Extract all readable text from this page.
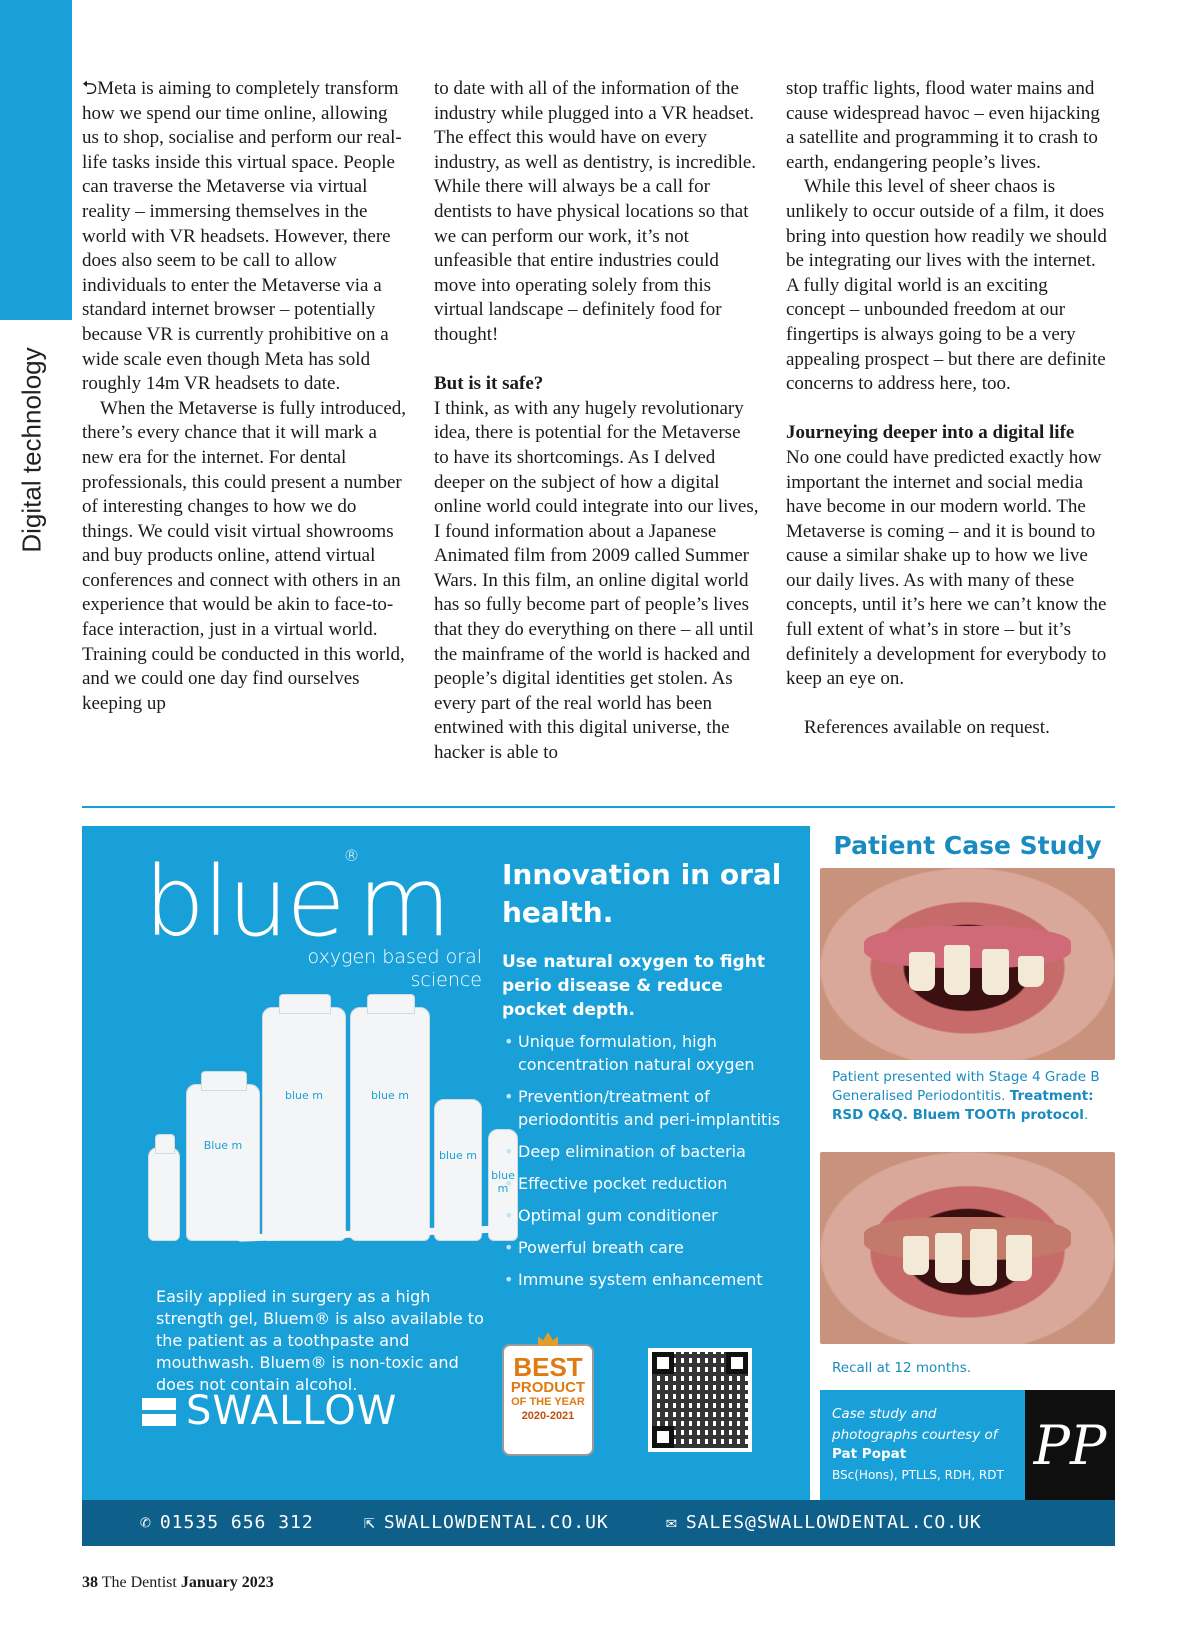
Digital technology

⮌Meta is aiming to completely transform how we spend our time online, allowing us to shop, socialise and perform our real-life tasks inside this virtual space. People can traverse the Metaverse via virtual reality – immersing themselves in the world with VR headsets. However, there does also seem to be call to allow individuals to enter the Metaverse via a standard internet browser – potentially because VR is currently prohibitive on a wide scale even though Meta has sold roughly 14m VR headsets to date.

When the Metaverse is fully introduced, there’s every chance that it will mark a new era for the internet. For dental professionals, this could present a number of interesting changes to how we do things. We could visit virtual showrooms and buy products online, attend virtual conferences and connect with others in an experience that would be akin to face-to-face interaction, just in a virtual world. Training could be conducted in this world, and we could one day find ourselves keeping up

to date with all of the information of the industry while plugged into a VR headset. The effect this would have on every industry, as well as dentistry, is incredible. While there will always be a call for dentists to have physical locations so that we can perform our work, it’s not unfeasible that entire industries could move into operating solely from this virtual landscape – definitely food for thought!

But is it safe?

I think, as with any hugely revolutionary idea, there is potential for the Metaverse to have its shortcomings. As I delved deeper on the subject of how a digital online world could integrate into our lives, I found information about a Japanese Animated film from 2009 called Summer Wars. In this film, an online digital world has so fully become part of people’s lives that they do everything on there – all until the mainframe of the world is hacked and people’s digital identities get stolen. As every part of the real world has been entwined with this digital universe, the hacker is able to

stop traffic lights, flood water mains and cause widespread havoc – even hijacking a satellite and programming it to crash to earth, endangering people’s lives.

While this level of sheer chaos is unlikely to occur outside of a film, it does bring into question how readily we should be integrating our lives with the internet. A fully digital world is an exciting concept – unbounded freedom at our fingertips is always going to be a very appealing prospect – but there are definite concerns to address here, too.

Journeying deeper into a digital life

No one could have predicted exactly how important the internet and social media have become in our modern world. The Metaverse is coming – and it is bound to cause a similar shake up to how we live our daily lives. As with many of these concepts, until it’s here we can’t know the full extent of what’s in store – but it’s definitely a development for everybody to keep an eye on.

References available on request.

blue®m
oxygen based oral science
Blue m
blue m	blue m
blue m
blue m
Easily applied in surgery as a high strength gel, Bluem® is also available to the patient as a toothpaste and mouthwash. Bluem® is non-toxic and does not contain alcohol.
SWALLOW
Innovation in oral health.
Use natural oxygen to fight perio disease & reduce pocket depth.
• Unique formulation, high concentration natural oxygen
• Prevention/treatment of periodontitis and peri-implantitis
• Deep elimination of bacteria
• Effective pocket reduction
• Optimal gum conditioner
• Powerful breath care
• Immune system enhancement
BEST
PRODUCT
OF THE YEAR
2020-2021
✆ 01535 656 312	⇱ SWALLOWDENTAL.CO.UK	✉ SALES@SWALLOWDENTAL.CO.UK
Patient Case Study
Patient presented with Stage 4 Grade B Generalised Periodontitis. Treatment: RSD Q&Q. Bluem TOOTh protocol.
Recall at 12 months.
Case study and photographs courtesy of
Pat Popat
BSc(Hons), PTLLS, RDH, RDT PP
38 The Dentist January 2023
